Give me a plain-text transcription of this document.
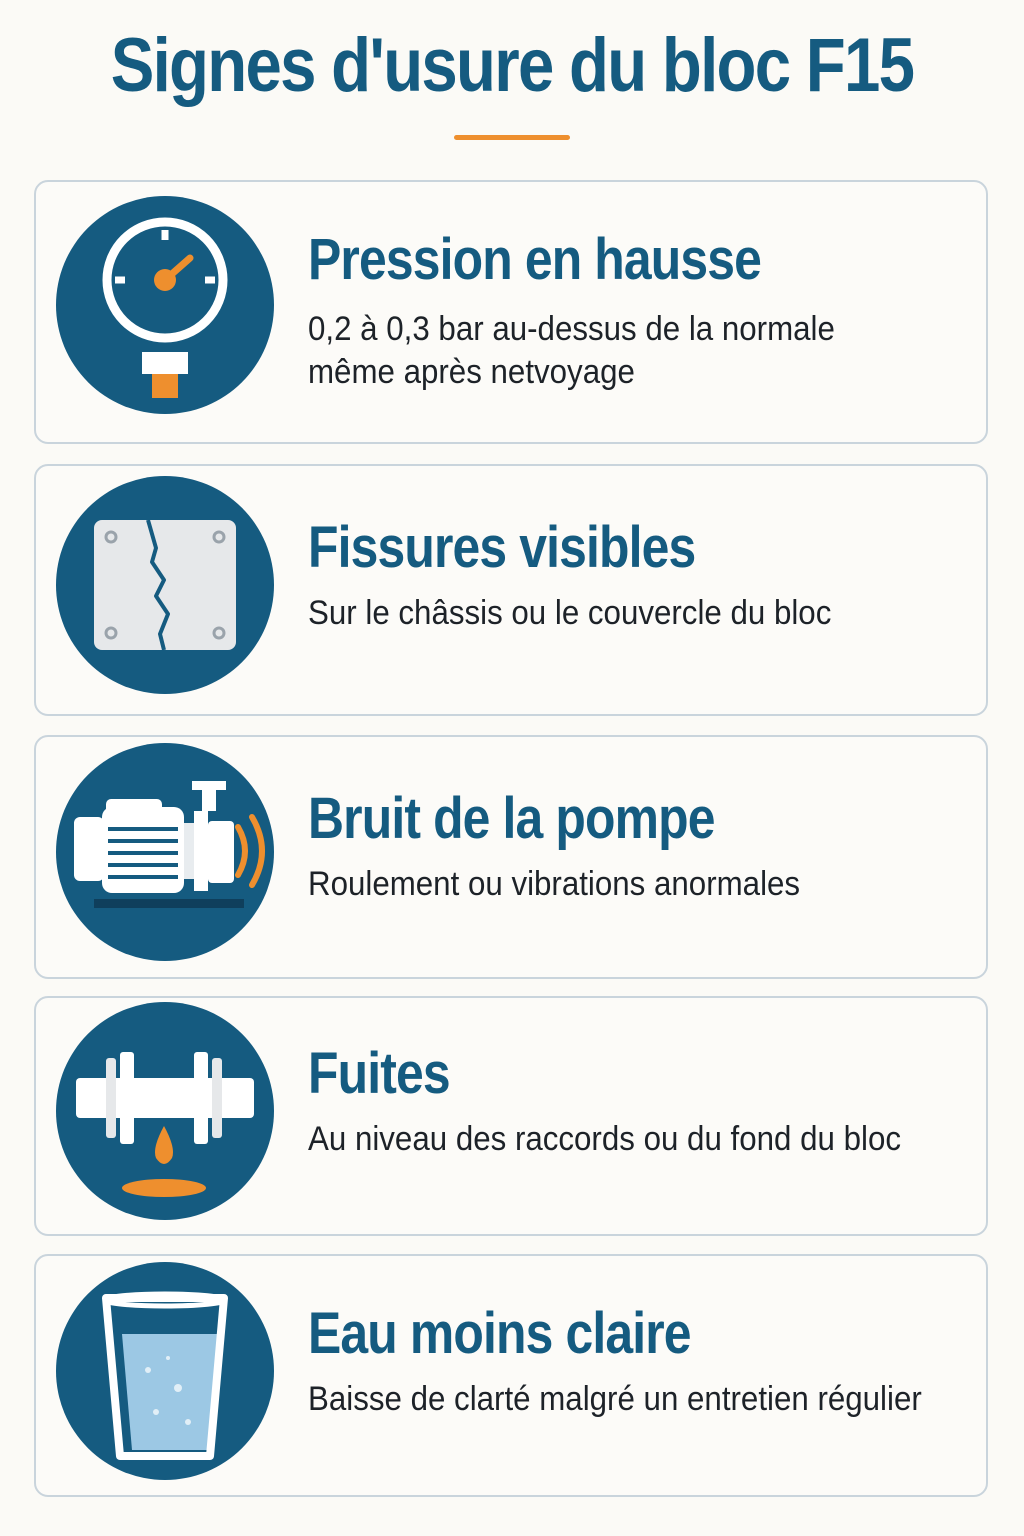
Signes d'usure du bloc F15
Pression en hausse

0,2 à 0,3 bar au-dessus de la normale
même après netvoyage

Fissures visibles

Sur le châssis ou le couvercle du bloc

Bruit de la pompe

Roulement ou vibrations anormales

Fuites

Au niveau des raccords ou du fond du bloc

Eau moins claire

Baisse de clarté malgré un entretien régulier
